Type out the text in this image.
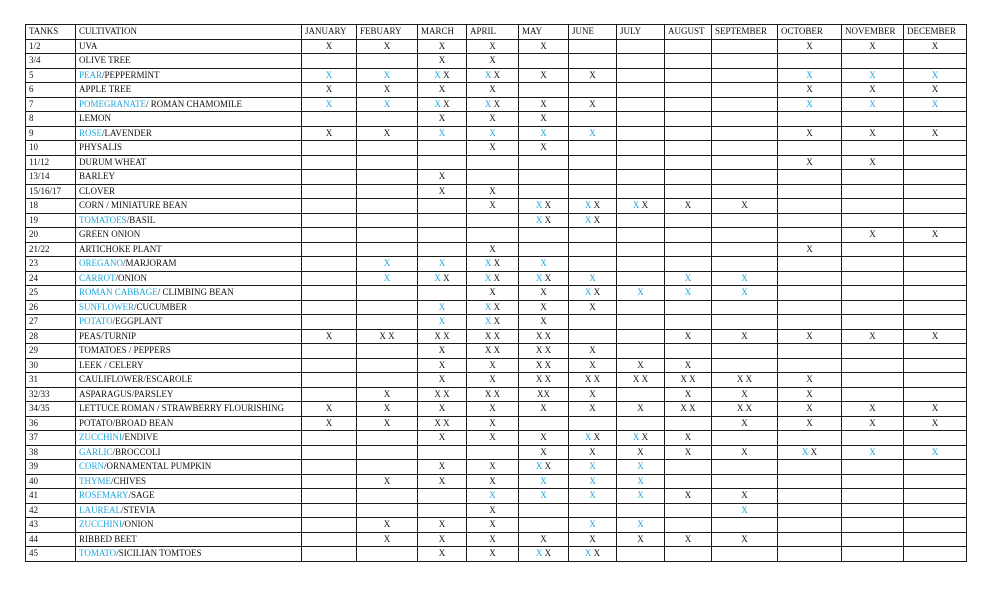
TANKS	CULTIVATION	JANUARY	FEBUARY	MARCH	APRIL	MAY	JUNE	JULY	AUGUST	SEPTEMBER	OCTOBER	NOVEMBER	DECEMBER
1/2	UVA	X	X	X	X	X					X	X	X
3/4	OLIVE TREE			X	X								
5	PEAR/PEPPERMINT	X	X	X X	X X	X	X				X	X	X
6	APPLE TREE	X	X	X	X						X	X	X
7	POMEGRANATE/ ROMAN CHAMOMILE	X	X	X X	X X	X	X				X	X	X
8	LEMON			X	X	X							
9	ROSE/LAVENDER	X	X	X	X	X	X				X	X	X
10	PHYSALIS				X	X							
11/12	DURUM WHEAT										X	X	
13/14	BARLEY			X									
15/16/17	CLOVER			X	X								
18	CORN / MINIATURE BEAN				X	X X	X X	X X	X	X			
19	TOMATOES/BASIL					X X	X X						
20	GREEN ONION											X	X
21/22	ARTICHOKE PLANT				X						X		
23	OREGANO/MARJORAM		X	X	X X	X							
24	CARROT/ONION		X	X X	X X	X X	X		X	X			
25	ROMAN CABBAGE/ CLIMBING BEAN				X	X	X X	X	X	X			
26	SUNFLOWER/CUCUMBER			X	X X	X	X						
27	POTATO/EGGPLANT			X	X X	X							
28	PEAS/TURNIP	X	X X	X X	X X	X X			X	X	X	X	X
29	TOMATOES / PEPPERS			X	X X	X X	X						
30	LEEK / CELERY			X	X	X X	X	X	X				
31	CAULIFLOWER/ESCAROLE			X	X	X X	X X	X X	X X	X X	X		
32/33	ASPARAGUS/PARSLEY		X	X X	X X	XX	X		X	X	X		
34/35	LETTUCE ROMAN / STRAWBERRY FLOURISHING	X	X	X	X	X	X	X	X X	X X	X	X	X
36	POTATO/BROAD BEAN	X	X	X X	X					X	X	X	X
37	ZUCCHINI/ENDIVE			X	X	X	X X	X X	X				
38	GARLIC/BROCCOLI					X	X	X	X	X	X X	X	X
39	CORN/ORNAMENTAL PUMPKIN			X	X	X X	X	X					
40	THYME/CHIVES		X	X	X	X	X	X					
41	ROSEMARY/SAGE				X	X	X	X	X	X			
42	LAUREAL/STEVIA				X					X			
43	ZUCCHINI/ONION		X	X	X		X	X					
44	RIBBED BEET		X	X	X	X	X	X	X	X			
45	TOMATO/SICILIAN TOMTOES			X	X	X X	X X						
